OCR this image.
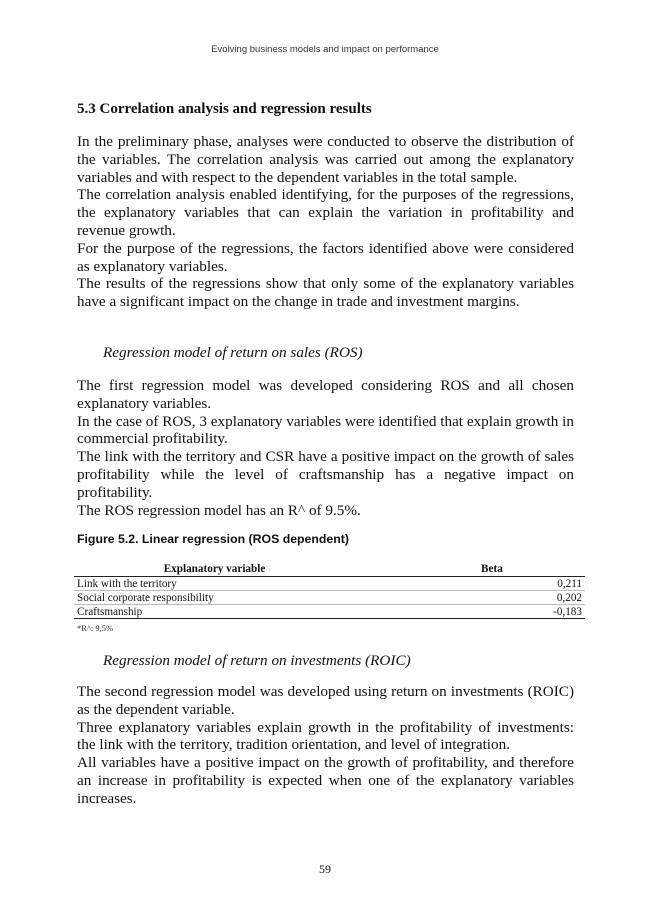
Evolving business models and impact on performance
5.3 Correlation analysis and regression results

In the preliminary phase, analyses were conducted to observe the distribution of the variables. The correlation analysis was carried out among the explanatory variables and with respect to the dependent variables in the total sample.

The correlation analysis enabled identifying, for the purposes of the regressions, the explanatory variables that can explain the variation in profitability and revenue growth.

For the purpose of the regressions, the factors identified above were considered as explanatory variables.

The results of the regressions show that only some of the explanatory variables have a significant impact on the change in trade and investment margins.

Regression model of return on sales (ROS)

The first regression model was developed considering ROS and all chosen explanatory variables.

In the case of ROS, 3 explanatory variables were identified that explain growth in commercial profitability.

The link with the territory and CSR have a positive impact on the growth of sales profitability while the level of craftsmanship has a negative impact on profitability.

The ROS regression model has an R^ of 9.5%.

Figure 5.2. Linear regression (ROS dependent)
Explanatory variable	Beta
Link with the territory	0,211
Social corporate responsibility	0,202
Craftsmanship	-0,183
*R^: 9,5%
Regression model of return on investments (ROIC)

The second regression model was developed using return on investments (ROIC) as the dependent variable.

Three explanatory variables explain growth in the profitability of investments: the link with the territory, tradition orientation, and level of integration.

All variables have a positive impact on the growth of profitability, and therefore an increase in profitability is expected when one of the explanatory variables increases.

59
